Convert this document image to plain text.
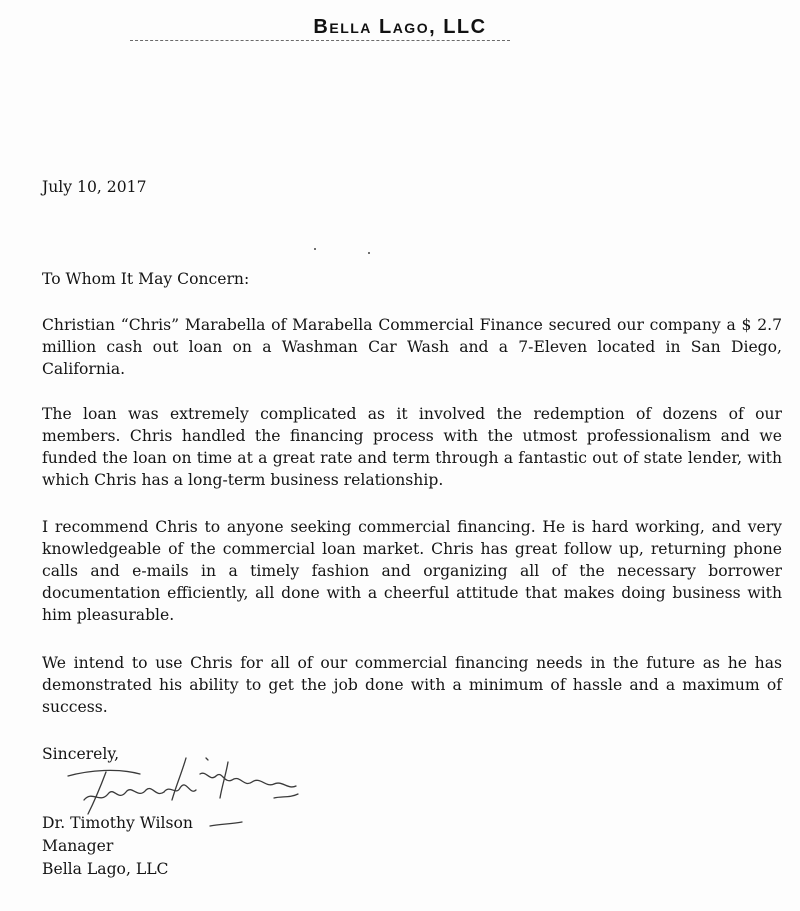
Bella Lago, LLC
July 10, 2017
To Whom It May Concern:

Christian “Chris” Marabella of Marabella Commercial Finance secured our company a $ 2.7 million cash out loan on a Washman Car Wash and a 7-Eleven located in San Diego, California.

The loan was extremely complicated as it involved the redemption of dozens of our members. Chris handled the financing process with the utmost professionalism and we funded the loan on time at a great rate and term through a fantastic out of state lender, with which Chris has a long-term business relationship.

I recommend Chris to anyone seeking commercial financing. He is hard working, and very knowledgeable of the commercial loan market. Chris has great follow up, returning phone calls and e-mails in a timely fashion and organizing all of the necessary borrower documentation efficiently, all done with a cheerful attitude that makes doing business with him pleasurable.

We intend to use Chris for all of our commercial financing needs in the future as he has demonstrated his ability to get the job done with a minimum of hassle and a maximum of success.

Sincerely,
Dr. Timothy Wilson
Manager
Bella Lago, LLC
